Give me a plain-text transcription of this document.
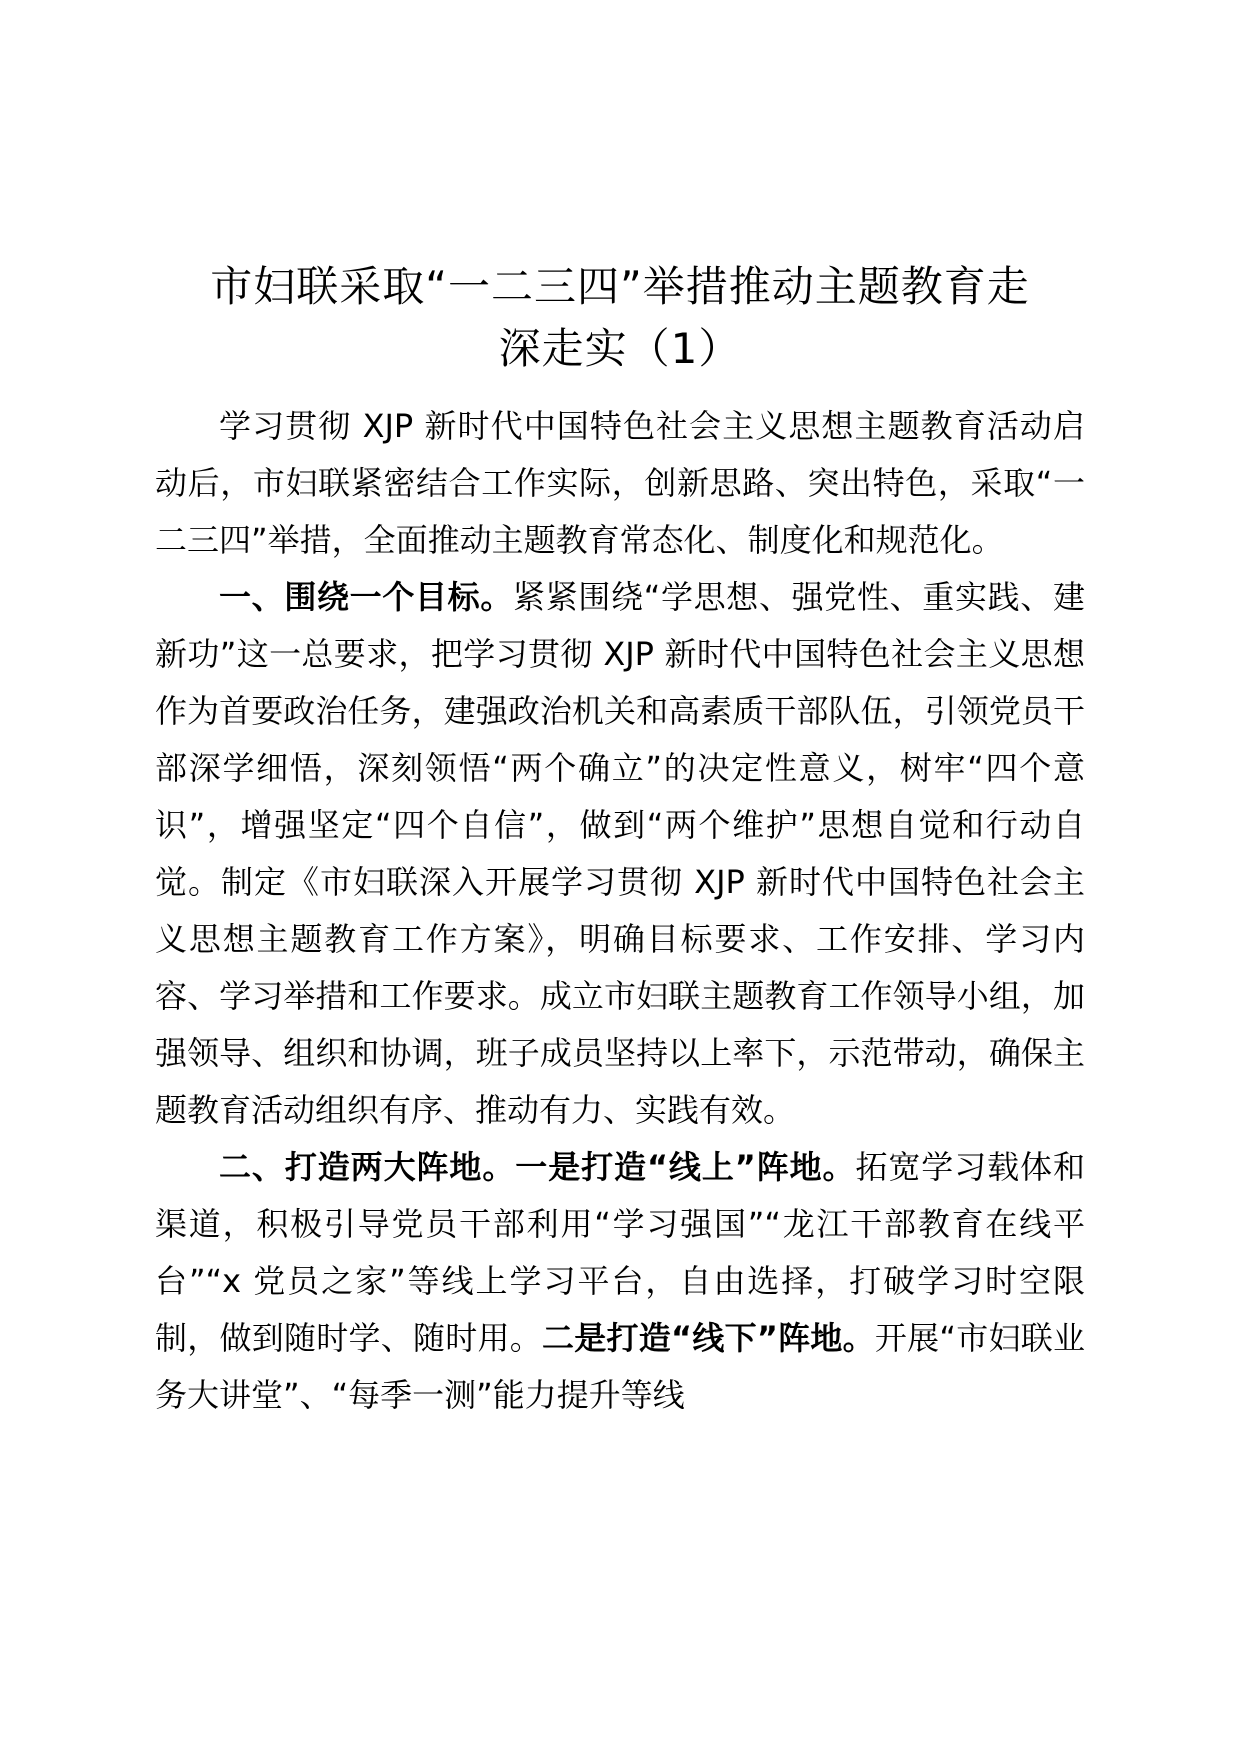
市妇联采取“一二三四”举措推动主题教育走
深走实（1）

学习贯彻 XJP 新时代中国特色社会主义思想主题教育活动启动后，市妇联紧密结合工作实际，创新思路、突出特色，采取“一二三四”举措，全面推动主题教育常态化、制度化和规范化。

一、围绕一个目标。紧紧围绕“学思想、强党性、重实践、建新功”这一总要求，把学习贯彻 XJP 新时代中国特色社会主义思想作为首要政治任务，建强政治机关和高素质干部队伍，引领党员干部深学细悟，深刻领悟“两个确立”的决定性意义，树牢“四个意识”，增强坚定“四个自信”，做到“两个维护”思想自觉和行动自觉。制定《市妇联深入开展学习贯彻 XJP 新时代中国特色社会主义思想主题教育工作方案》，明确目标要求、工作安排、学习内容、学习举措和工作要求。成立市妇联主题教育工作领导小组，加强领导、组织和协调，班子成员坚持以上率下，示范带动，确保主题教育活动组织有序、推动有力、实践有效。

二、打造两大阵地。一是打造“线上”阵地。拓宽学习载体和渠道，积极引导党员干部利用“学习强国”“龙江干部教育在线平台”“x 党员之家”等线上学习平台，自由选择，打破学习时空限制，做到随时学、随时用。二是打造“线下”阵地。开展“市妇联业务大讲堂”、“每季一测”能力提升等线
